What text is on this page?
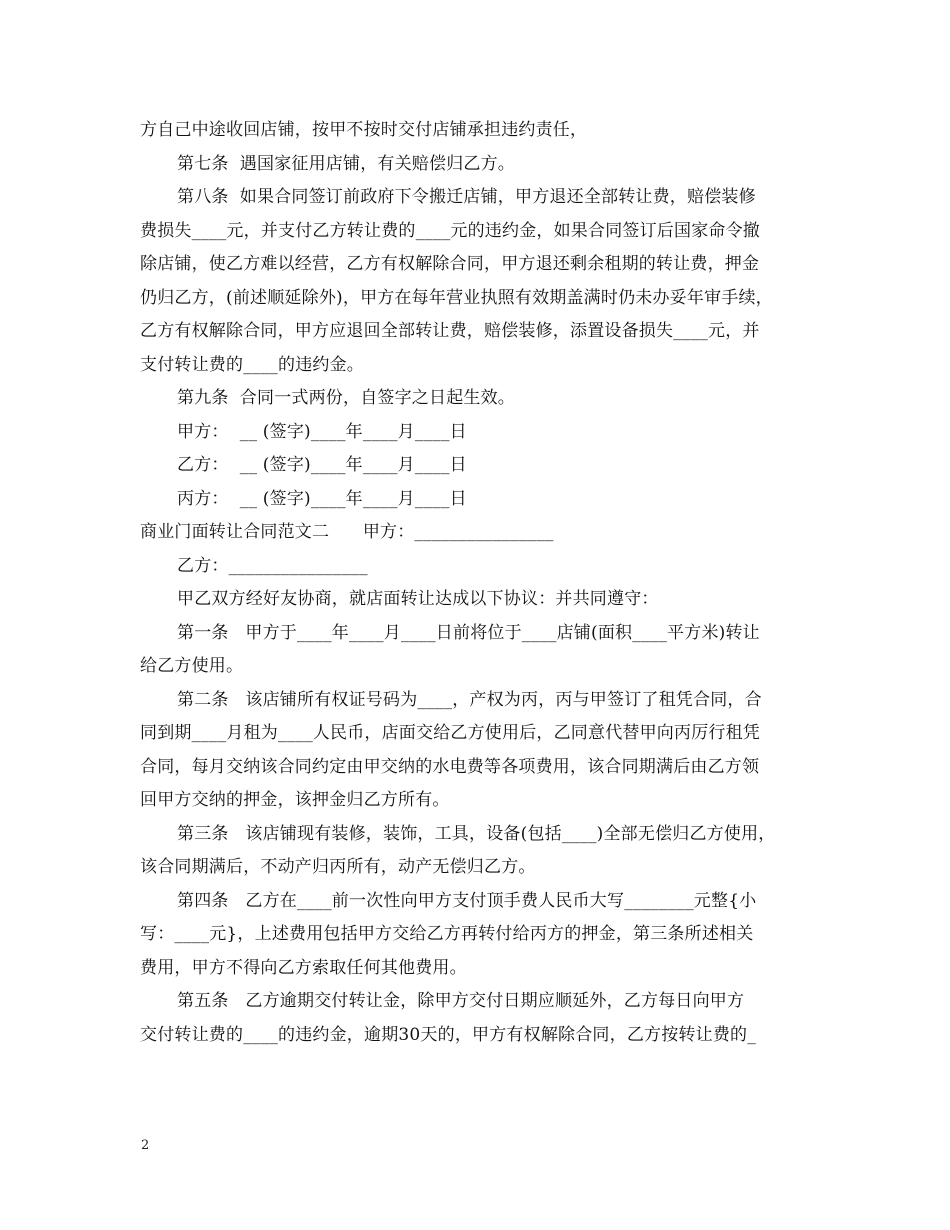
方自己中途收回店铺，按甲不按时交付店铺承担违约责任，
第七条  遇国家征用店铺，有关赔偿归乙方。
第八条  如果合同签订前政府下令搬迁店铺，甲方退还全部转让费，赔偿装修
费损失____元，并支付乙方转让费的____元的违约金，如果合同签订后国家命令撤
除店铺，使乙方难以经营，乙方有权解除合同，甲方退还剩余租期的转让费，押金
仍归乙方，(前述顺延除外)，甲方在每年营业执照有效期盖满时仍未办妥年审手续，
乙方有权解除合同，甲方应退回全部转让费，赔偿装修，添置设备损失____元，并
支付转让费的____的违约金。
第九条  合同一式两份，自签字之日起生效。
甲方：  __ (签字)____年____月____日
乙方：  __ (签字)____年____月____日
丙方：  __ (签字)____年____月____日
商业门面转让合同范文二      甲方：________________
乙方：________________
甲乙双方经好友协商，就店面转让达成以下协议：并共同遵守：
第一条   甲方于____年____月____日前将位于____店铺(面积____平方米)转让
给乙方使用。
第二条   该店铺所有权证号码为____，产权为丙，丙与甲签订了租凭合同，合
同到期____月租为____人民币，店面交给乙方使用后，乙同意代替甲向丙厉行租凭
合同，每月交纳该合同约定由甲交纳的水电费等各项费用，该合同期满后由乙方领
回甲方交纳的押金，该押金归乙方所有。
第三条   该店铺现有装修，装饰，工具，设备(包括____)全部无偿归乙方使用，
该合同期满后，不动产归丙所有，动产无偿归乙方。
第四条   乙方在____前一次性向甲方支付顶手费人民币大写________元整{小
写：____元}，上述费用包括甲方交给乙方再转付给丙方的押金，第三条所述相关
费用，甲方不得向乙方索取任何其他费用。
第五条   乙方逾期交付转让金，除甲方交付日期应顺延外，乙方每日向甲方
交付转让费的____的违约金，逾期30天的，甲方有权解除合同，乙方按转让费的_
2
